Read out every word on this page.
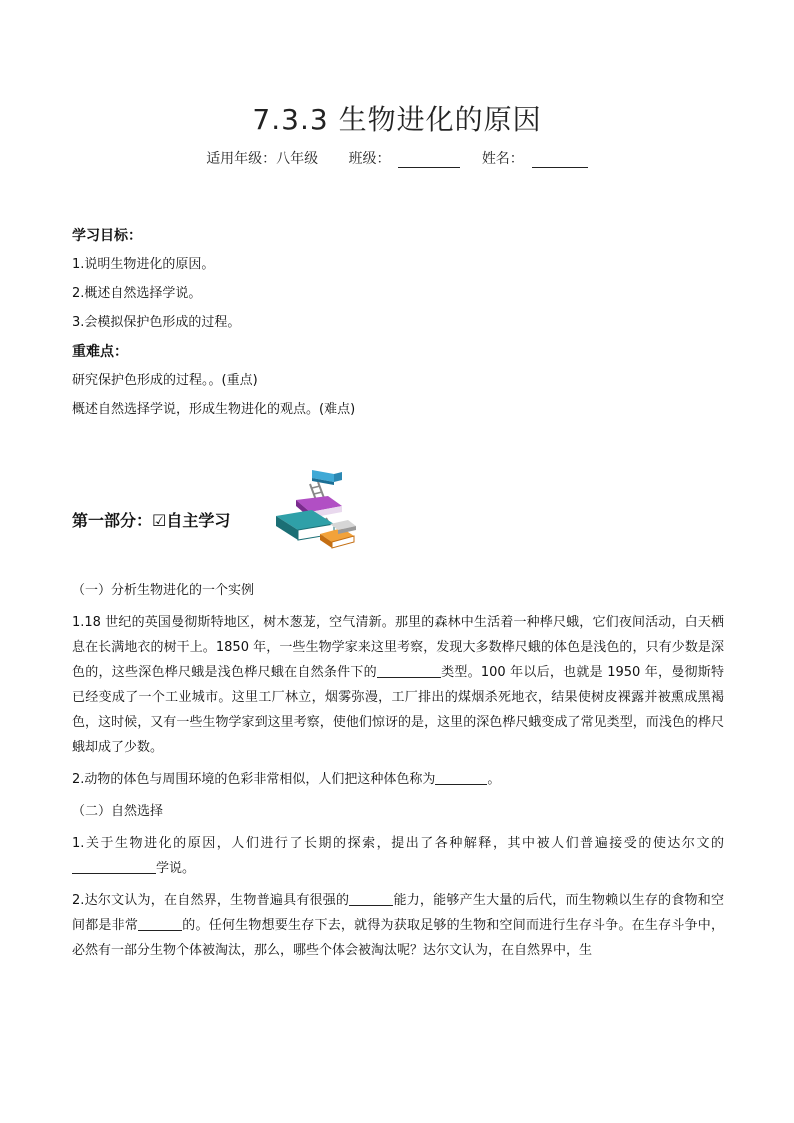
7.3.3 生物进化的原因
适用年级：八年级 班级：	姓名：
学习目标：
1.说明生物进化的原因。
2.概述自然选择学说。
3.会模拟保护色形成的过程。
重难点：
研究保护色形成的过程。。(重点)
概述自然选择学说，形成生物进化的观点。(难点)
第一部分：☑自主学习

（一）分析生物进化的一个实例

1.18 世纪的英国曼彻斯特地区，树木葱茏，空气清新。那里的森林中生活着一种桦尺蛾，它们夜间活动，白天栖息在长满地衣的树干上。1850 年，一些生物学家来这里考察，发现大多数桦尺蛾的体色是浅色的，只有少数是深色的，这些深色桦尺蛾是浅色桦尺蛾在自然条件下的	类型。100 年以后，也就是 1950 年，曼彻斯特已经变成了一个工业城市。这里工厂林立，烟雾弥漫，工厂排出的煤烟杀死地衣，结果使树皮裸露并被熏成黑褐色，这时候，又有一些生物学家到这里考察，使他们惊讶的是，这里的深色桦尺蛾变成了常见类型，而浅色的桦尺蛾却成了少数。

2.动物的体色与周围环境的色彩非常相似，人们把这种体色称为	。

（二）自然选择

1.关于生物进化的原因，人们进行了长期的探索，提出了各种解释，其中被人们普遍接受的使达尔文的学说。

2.达尔文认为，在自然界，生物普遍具有很强的	能力，能够产生大量的后代，而生物赖以生存的食物和空间都是非常	的。任何生物想要生存下去，就得为获取足够的生物和空间而进行生存斗争。在生存斗争中，必然有一部分生物个体被淘汰，那么，哪些个体会被淘汰呢？达尔文认为，在自然界中，生
